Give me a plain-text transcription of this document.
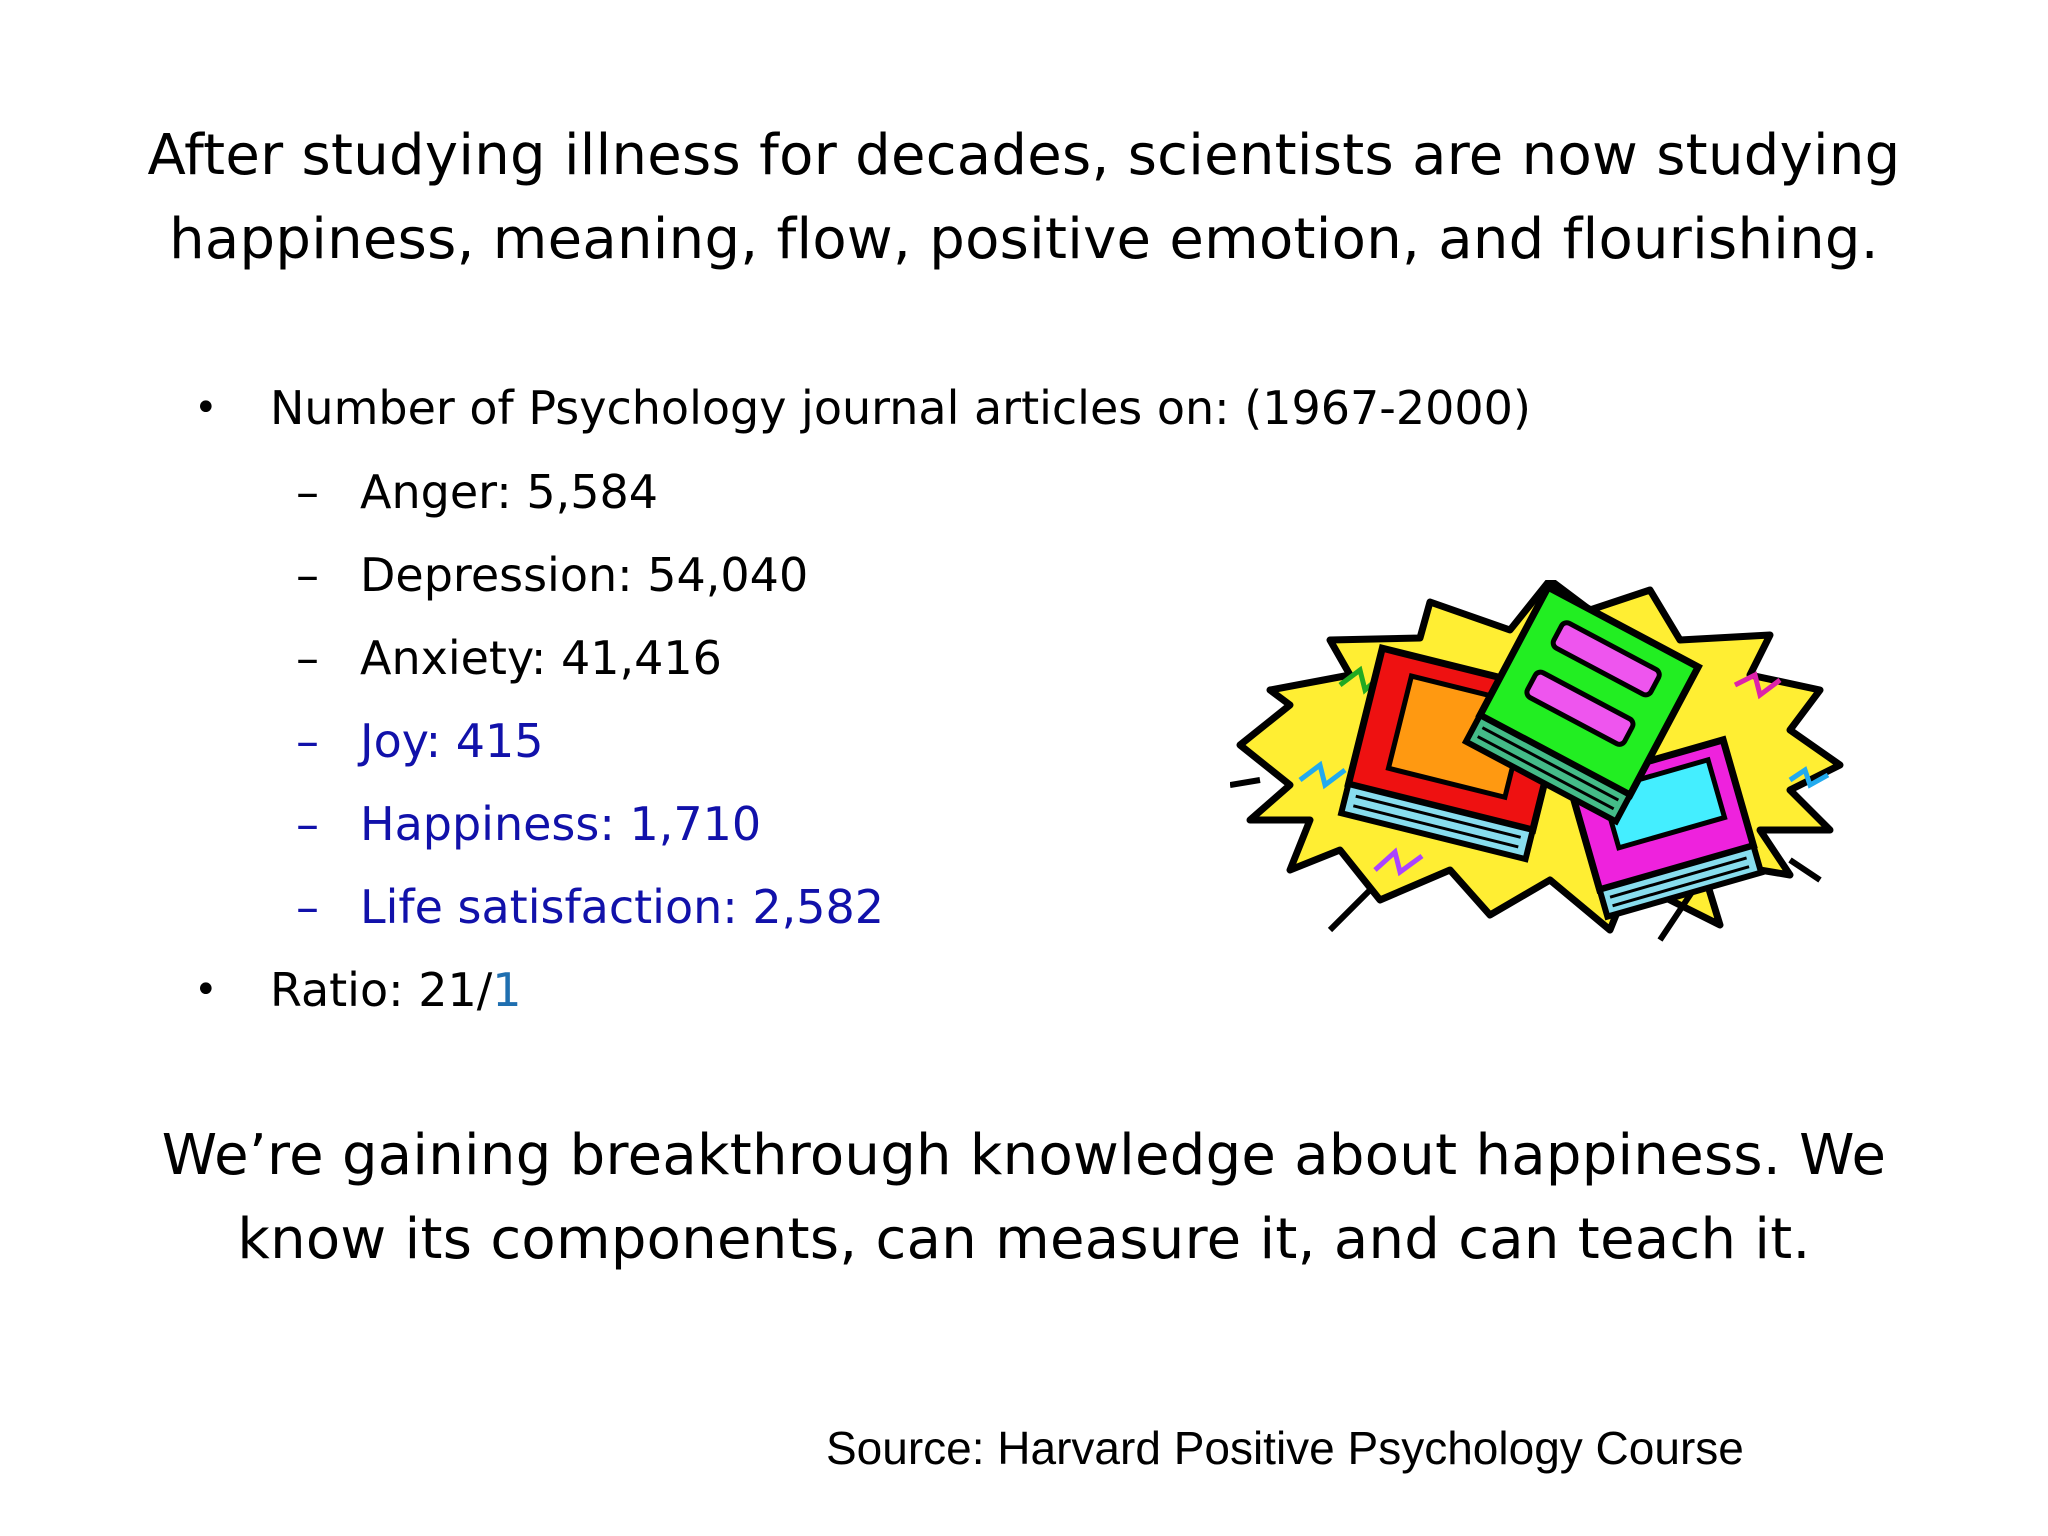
After studying illness for decades, scientists are now studying
happiness, meaning, flow, positive emotion, and flourishing.
• Number of Psychology journal articles on: (1967-2000)
– Anger: 5,584
– Depression: 54,040
– Anxiety: 41,416
– Joy: 415
– Happiness: 1,710
– Life satisfaction: 2,582
• Ratio: 21/1
We’re gaining breakthrough knowledge about happiness. We
know its components, can measure it, and can teach it.
Source: Harvard Positive Psychology Course
